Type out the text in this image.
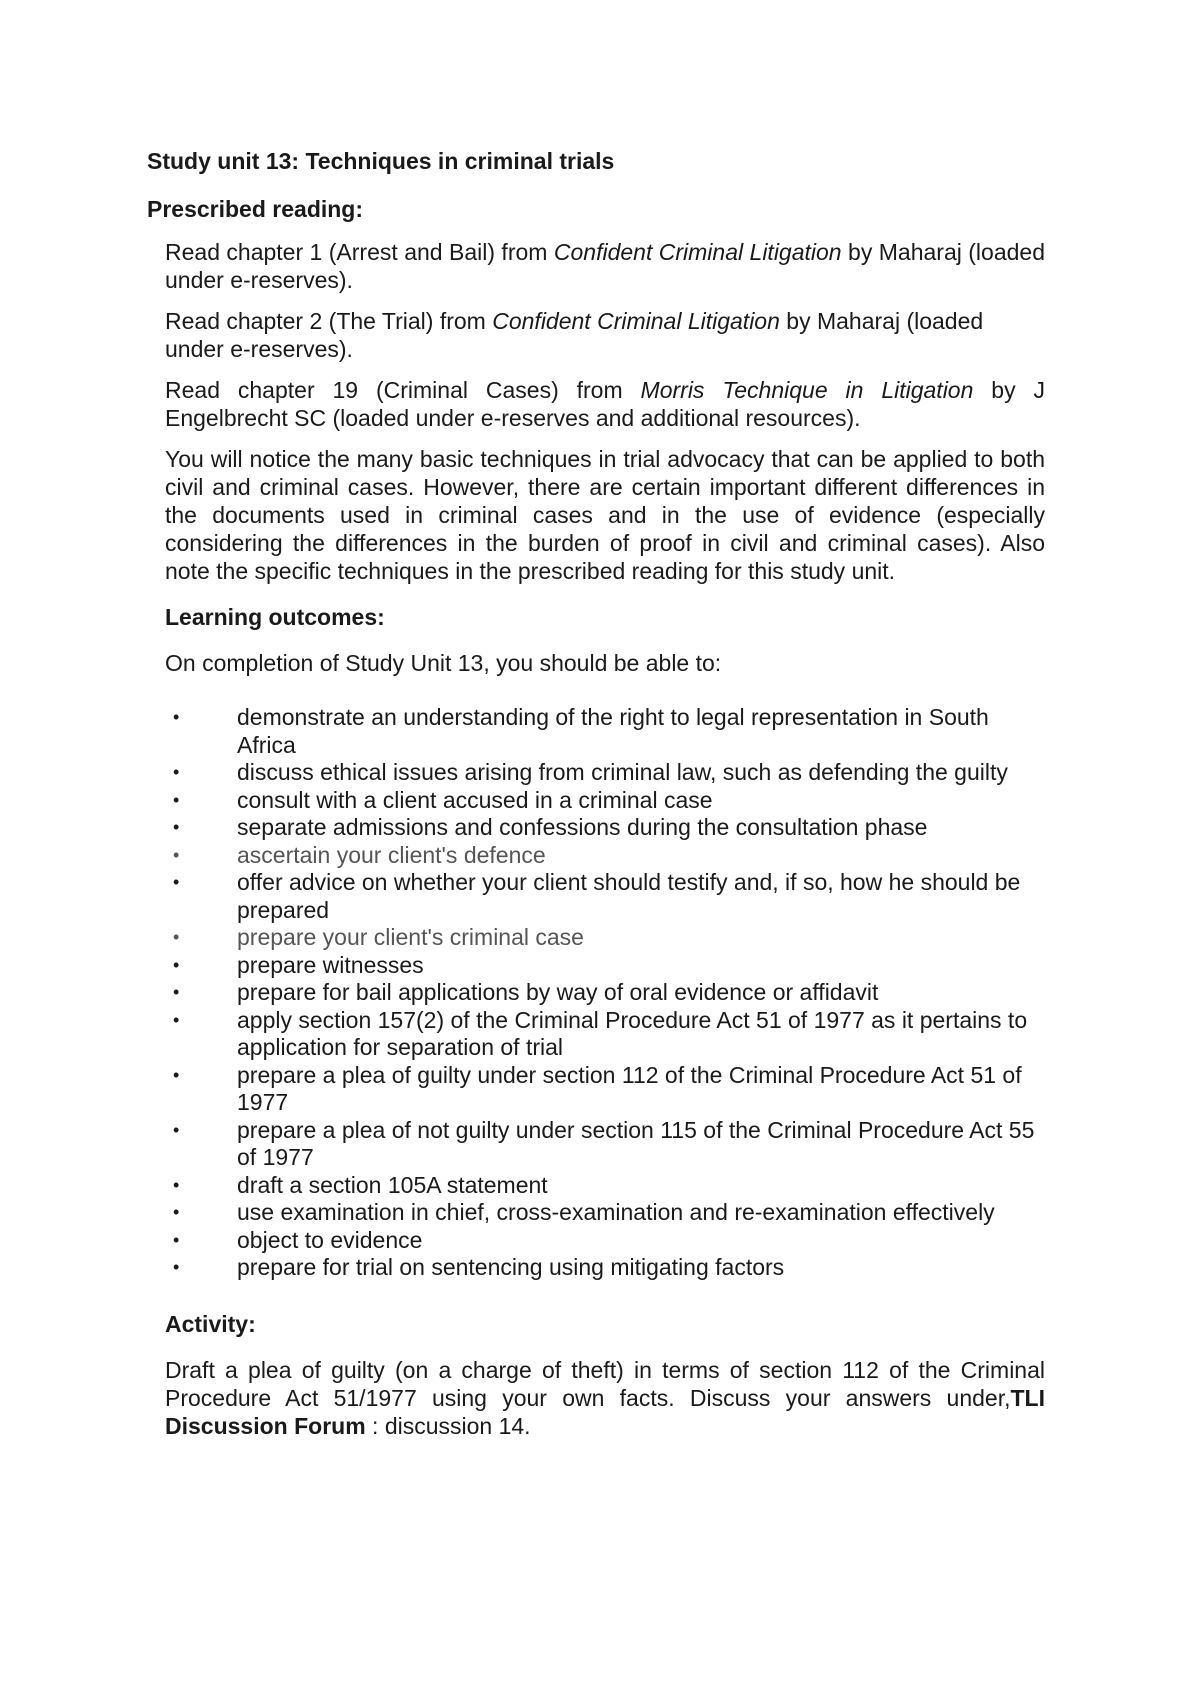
Study unit 13: Techniques in criminal trials
Prescribed reading:

Read chapter 1 (Arrest and Bail) from Confident Criminal Litigation by Maharaj (loaded under e-reserves).

Read chapter 2 (The Trial) from Confident Criminal Litigation by Maharaj (loaded under e-reserves).

Read chapter 19 (Criminal Cases) from Morris Technique in Litigation by J Engelbrecht SC (loaded under e-reserves and additional resources).

You will notice the many basic techniques in trial advocacy that can be applied to both civil and criminal cases. However, there are certain important different differences in the documents used in criminal cases and in the use of evidence (especially considering the differences in the burden of proof in civil and criminal cases). Also note the specific techniques in the prescribed reading for this study unit.

Learning outcomes:

On completion of Study Unit 13, you should be able to:

•	demonstrate an understanding of the right to legal representation in South Africa
•	discuss ethical issues arising from criminal law, such as defending the guilty
•	consult with a client accused in a criminal case
•	separate admissions and confessions during the consultation phase
•	ascertain your client's defence
•	offer advice on whether your client should testify and, if so, how he should be prepared
•	prepare your client's criminal case
•	prepare witnesses
•	prepare for bail applications by way of oral evidence or affidavit
•	apply section 157(2) of the Criminal Procedure Act 51 of 1977 as it pertains to application for separation of trial
•	prepare a plea of guilty under section 112 of the Criminal Procedure Act 51 of 1977
•	prepare a plea of not guilty under section 115 of the Criminal Procedure Act 55 of 1977
•	draft a section 105A statement
•	use examination in chief, cross-examination and re-examination effectively
•	object to evidence
•	prepare for trial on sentencing using mitigating factors

Activity:

Draft a plea of guilty (on a charge of theft) in terms of section 112 of the Criminal Procedure Act 51/1977 using your own facts. Discuss your answers under,TLI Discussion Forum : discussion 14.
